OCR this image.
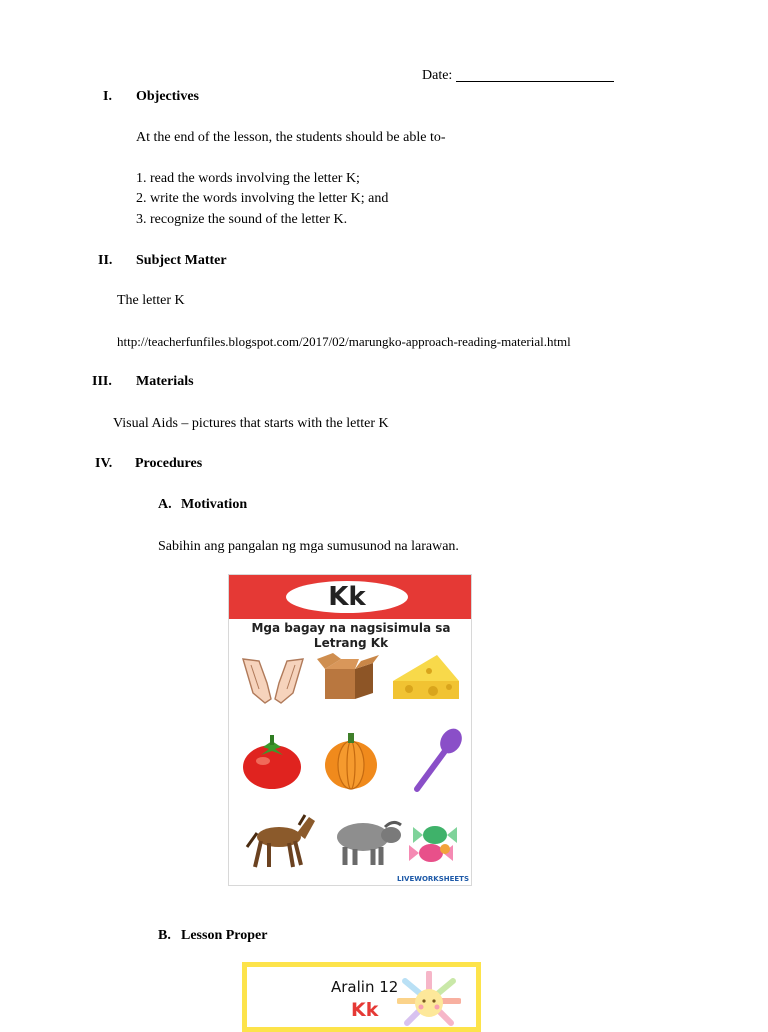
Date:
I. Objectives
At the end of the lesson, the students should be able to-
1. read the words involving the letter K;
2. write the words involving the letter K; and
3. recognize the sound of the letter K.
II. Subject Matter
The letter K
http://teacherfunfiles.blogspot.com/2017/02/marungko-approach-reading-material.html
III. Materials
Visual Aids – pictures that starts with the letter K
IV. Procedures
A. Motivation
Sabihin ang pangalan ng mga sumusunod na larawan.
Kk
Mga bagay na nagsisimula sa
Letrang Kk
LIVEWORKSHEETS
B. Lesson Proper
Aralin 12
Kk
